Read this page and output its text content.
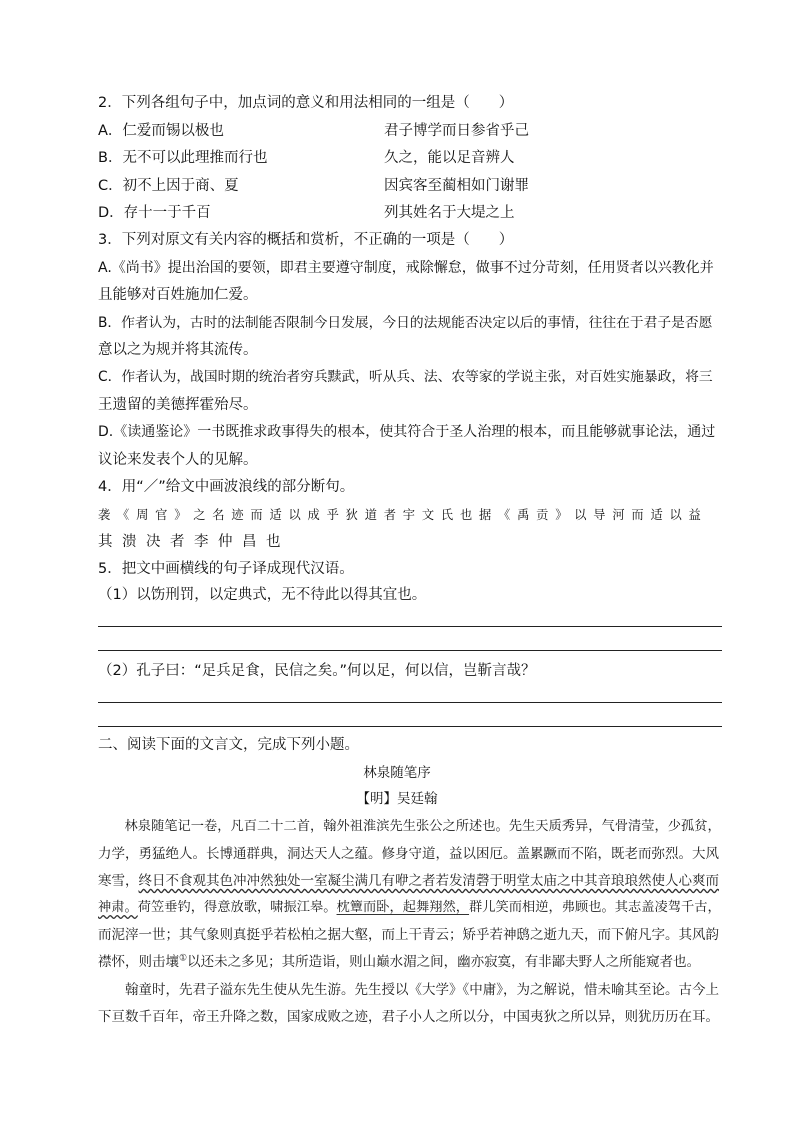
2．下列各组句子中，加点词的意义和用法相同的一组是（　　）
A．仁爱而锡以极也	君子博学而日参省乎己
B．无不可以此理推而行也	久之，能以足音辨人
C．初不上因于商、夏	因宾客至蔺相如门谢罪
D．存十一于千百	列其姓名于大堤之上
3．下列对原文有关内容的概括和赏析，不正确的一项是（　　）
A.《尚书》提出治国的要领，即君主要遵守制度，戒除懈怠，做事不过分苛刻，任用贤者以兴教化并
且能够对百姓施加仁爱。
B．作者认为，古时的法制能否限制今日发展，今日的法规能否决定以后的事情，往往在于君子是否愿
意以之为规并将其流传。
C．作者认为，战国时期的统治者穷兵黩武，听从兵、法、农等家的学说主张，对百姓实施暴政，将三
王遗留的美德挥霍殆尽。
D.《读通鉴论》一书既推求政事得失的根本，使其符合于圣人治理的根本，而且能够就事论法，通过
议论来发表个人的见解。
4．用“／”给文中画波浪线的部分断句。
袭《周官》之名迹而适以成乎狄道者宇文氏也据《禹贡》以导河而适以益
其溃决者李仲昌也
5．把文中画横线的句子译成现代汉语。
（1）以饬刑罚，以定典式，无不待此以得其宜也。
（2）孔子曰：“足兵足食，民信之矣。”何以足，何以信，岂靳言哉？
二、阅读下面的文言文，完成下列小题。
林泉随笔序
【明】吴廷翰
　　林泉随笔记一卷，凡百二十二首，翰外祖淮滨先生张公之所述也。先生天质秀异，气骨清莹，少孤贫，
力学，勇猛绝人。长博通群典，洞达天人之蕴。修身守道，益以困厄。盖累蹶而不陷，既老而弥烈。大风
寒雪，终日不食观其色冲冲然独处一室凝尘满几有咿之者若发清磬于明堂太庙之中其音琅琅然使人心爽而
神肃。荷笠垂钓，得意放歌，啸振江皋。枕簟而卧，起舞翔然，群儿笑而相逆，弗顾也。其志盖凌驾千古，
而泥滓一世；其气象则真挺乎若松柏之据大壑，而上干青云；矫乎若神鸱之逝九天，而下俯凡字。其风韵
襟怀，则击壤①以还未之多见；其所造诣，则山巅水湄之间，幽亦寂寞，有非鄙夫野人之所能窥者也。
　　翰童时，先君子溢东先生使从先生游。先生授以《大学》《中庸》，为之解说，惜未喻其至论。古今上
下亘数千百年，帝王升降之数，国家成败之迹，君子小人之所以分，中国夷狄之所以异，则犹历历在耳。
